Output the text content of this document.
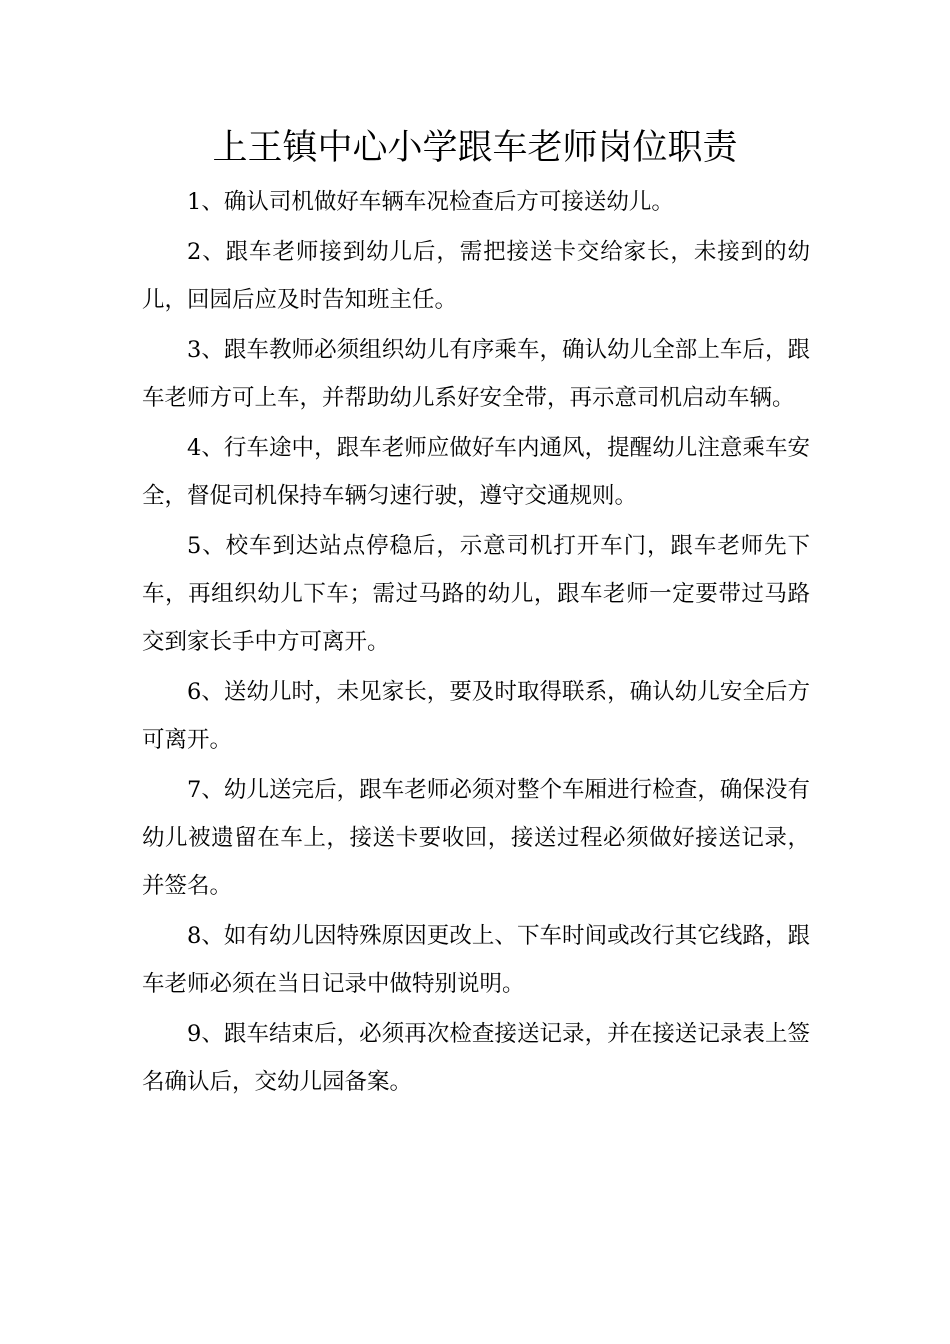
上王镇中心小学跟车老师岗位职责

1、确认司机做好车辆车况检查后方可接送幼儿。

2、跟车老师接到幼儿后，需把接送卡交给家长，未接到的幼儿，回园后应及时告知班主任。

3、跟车教师必须组织幼儿有序乘车，确认幼儿全部上车后，跟车老师方可上车，并帮助幼儿系好安全带，再示意司机启动车辆。

4、行车途中，跟车老师应做好车内通风，提醒幼儿注意乘车安全，督促司机保持车辆匀速行驶，遵守交通规则。

5、校车到达站点停稳后，示意司机打开车门，跟车老师先下车，再组织幼儿下车；需过马路的幼儿，跟车老师一定要带过马路交到家长手中方可离开。

6、送幼儿时，未见家长，要及时取得联系，确认幼儿安全后方可离开。

7、幼儿送完后，跟车老师必须对整个车厢进行检查，确保没有幼儿被遗留在车上，接送卡要收回，接送过程必须做好接送记录，并签名。

8、如有幼儿因特殊原因更改上、下车时间或改行其它线路，跟车老师必须在当日记录中做特别说明。

9、跟车结束后，必须再次检查接送记录，并在接送记录表上签名确认后，交幼儿园备案。
